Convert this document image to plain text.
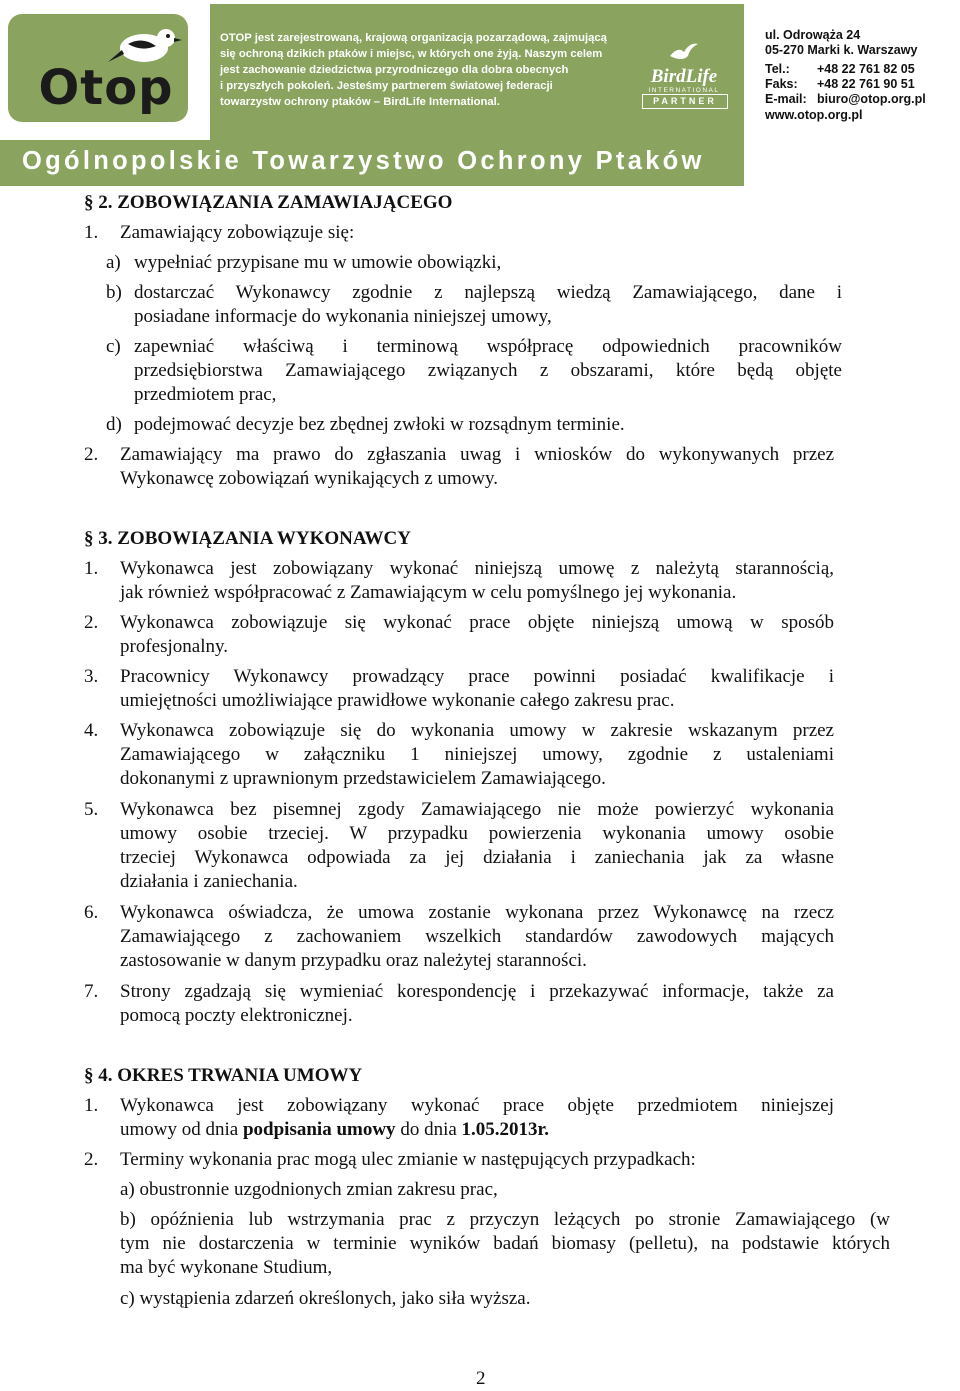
Otop
OTOP jest zarejestrowaną, krajową organizacją pozarządową, zajmującą
się ochroną dzikich ptaków i miejsc, w których one żyją. Naszym celem
jest zachowanie dziedzictwa przyrodniczego dla dobra obecnych
i przyszłych pokoleń. Jesteśmy partnerem światowej federacji
towarzystw ochrony ptaków – BirdLife International.
BirdLife
INTERNATIONAL
PARTNER
ul. Odrowąża 24
05-270 Marki k. Warszawy
Tel.:	+48 22 761 82 05
Faks:	+48 22 761 90 51
E-mail: biuro@otop.org.pl
www.otop.org.pl
Ogólnopolskie Towarzystwo Ochrony Ptaków
§ 2. ZOBOWIĄZANIA ZAMAWIAJĄCEGO
1. Zamawiający zobowiązuje się:
a) wypełniać przypisane mu w umowie obowiązki,
b) dostarczać Wykonawcy zgodnie z najlepszą wiedzą Zamawiającego, dane i
posiadane informacje do wykonania niniejszej umowy,
c) zapewniać właściwą i terminową współpracę odpowiednich pracowników
przedsiębiorstwa Zamawiającego związanych z obszarami, które będą objęte
przedmiotem prac,
d) podejmować decyzje bez zbędnej zwłoki w rozsądnym terminie.
2. Zamawiający ma prawo do zgłaszania uwag i wniosków do wykonywanych przez
Wykonawcę zobowiązań wynikających z umowy.
§ 3. ZOBOWIĄZANIA WYKONAWCY
1. Wykonawca jest zobowiązany wykonać niniejszą umowę z należytą starannością,
jak również współpracować z Zamawiającym w celu pomyślnego jej wykonania.
2. Wykonawca zobowiązuje się wykonać prace objęte niniejszą umową w sposób
profesjonalny.
3. Pracownicy Wykonawcy prowadzący prace powinni posiadać kwalifikacje i
umiejętności umożliwiające prawidłowe wykonanie całego zakresu prac.
4. Wykonawca zobowiązuje się do wykonania umowy w zakresie wskazanym przez
Zamawiającego w załączniku 1 niniejszej umowy, zgodnie z ustaleniami
dokonanymi z uprawnionym przedstawicielem Zamawiającego.
5. Wykonawca bez pisemnej zgody Zamawiającego nie może powierzyć wykonania
umowy osobie trzeciej. W przypadku powierzenia wykonania umowy osobie
trzeciej Wykonawca odpowiada za jej działania i zaniechania jak za własne
działania i zaniechania.
6. Wykonawca oświadcza, że umowa zostanie wykonana przez Wykonawcę na rzecz
Zamawiającego z zachowaniem wszelkich standardów zawodowych mających
zastosowanie w danym przypadku oraz należytej staranności.
7. Strony zgadzają się wymieniać korespondencję i przekazywać informacje, także za
pomocą poczty elektronicznej.
§ 4. OKRES TRWANIA UMOWY
1. Wykonawca jest zobowiązany wykonać prace objęte przedmiotem niniejszej
umowy od dnia podpisania umowy do dnia 1.05.2013r.
2. Terminy wykonania prac mogą ulec zmianie w następujących przypadkach:
a) obustronnie uzgodnionych zmian zakresu prac,
b) opóźnienia lub wstrzymania prac z przyczyn leżących po stronie Zamawiającego (w
tym nie dostarczenia w terminie wyników badań biomasy (pelletu), na podstawie których
ma być wykonane Studium,
c) wystąpienia zdarzeń określonych, jako siła wyższa.
2
